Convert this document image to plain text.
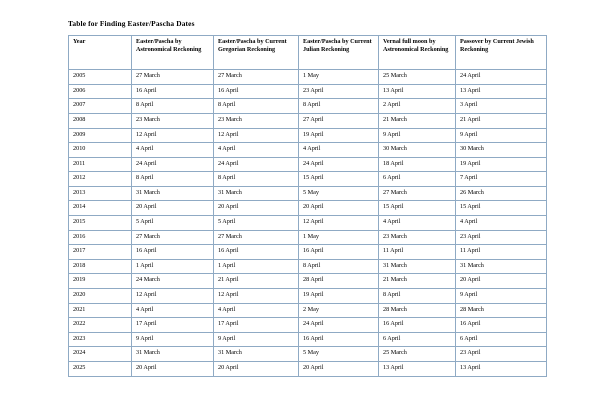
Table for Finding Easter/Pascha Dates
Year	Easter/Pascha by Astronomical Reckoning	Easter/Pascha by Current Gregorian Reckoning	Easter/Pascha by Current Julian Reckoning	Vernal full moon by Astronomical Reckoning	Passover by Current Jewish Reckoning
2005	27 March	27 March	1 May	25 March	24 April
2006	16 April	16 April	23 April	13 April	13 April
2007	8 April	8 April	8 April	2 April	3 April
2008	23 March	23 March	27 April	21 March	21 April
2009	12 April	12 April	19 April	9 April	9 April
2010	4 April	4 April	4 April	30 March	30 March
2011	24 April	24 April	24 April	18 April	19 April
2012	8 April	8 April	15 April	6 April	7 April
2013	31 March	31 March	5 May	27 March	26 March
2014	20 April	20 April	20 April	15 April	15 April
2015	5 April	5 April	12 April	4 April	4 April
2016	27 March	27 March	1 May	23 March	23 April
2017	16 April	16 April	16 April	11 April	11 April
2018	1 April	1 April	8 April	31 March	31 March
2019	24 March	21 April	28 April	21 March	20 April
2020	12 April	12 April	19 April	8 April	9 April
2021	4 April	4 April	2 May	28 March	28 March
2022	17 April	17 April	24 April	16 April	16 April
2023	9 April	9 April	16 April	6 April	6 April
2024	31 March	31 March	5 May	25 March	23 April
2025	20 April	20 April	20 April	13 April	13 April
